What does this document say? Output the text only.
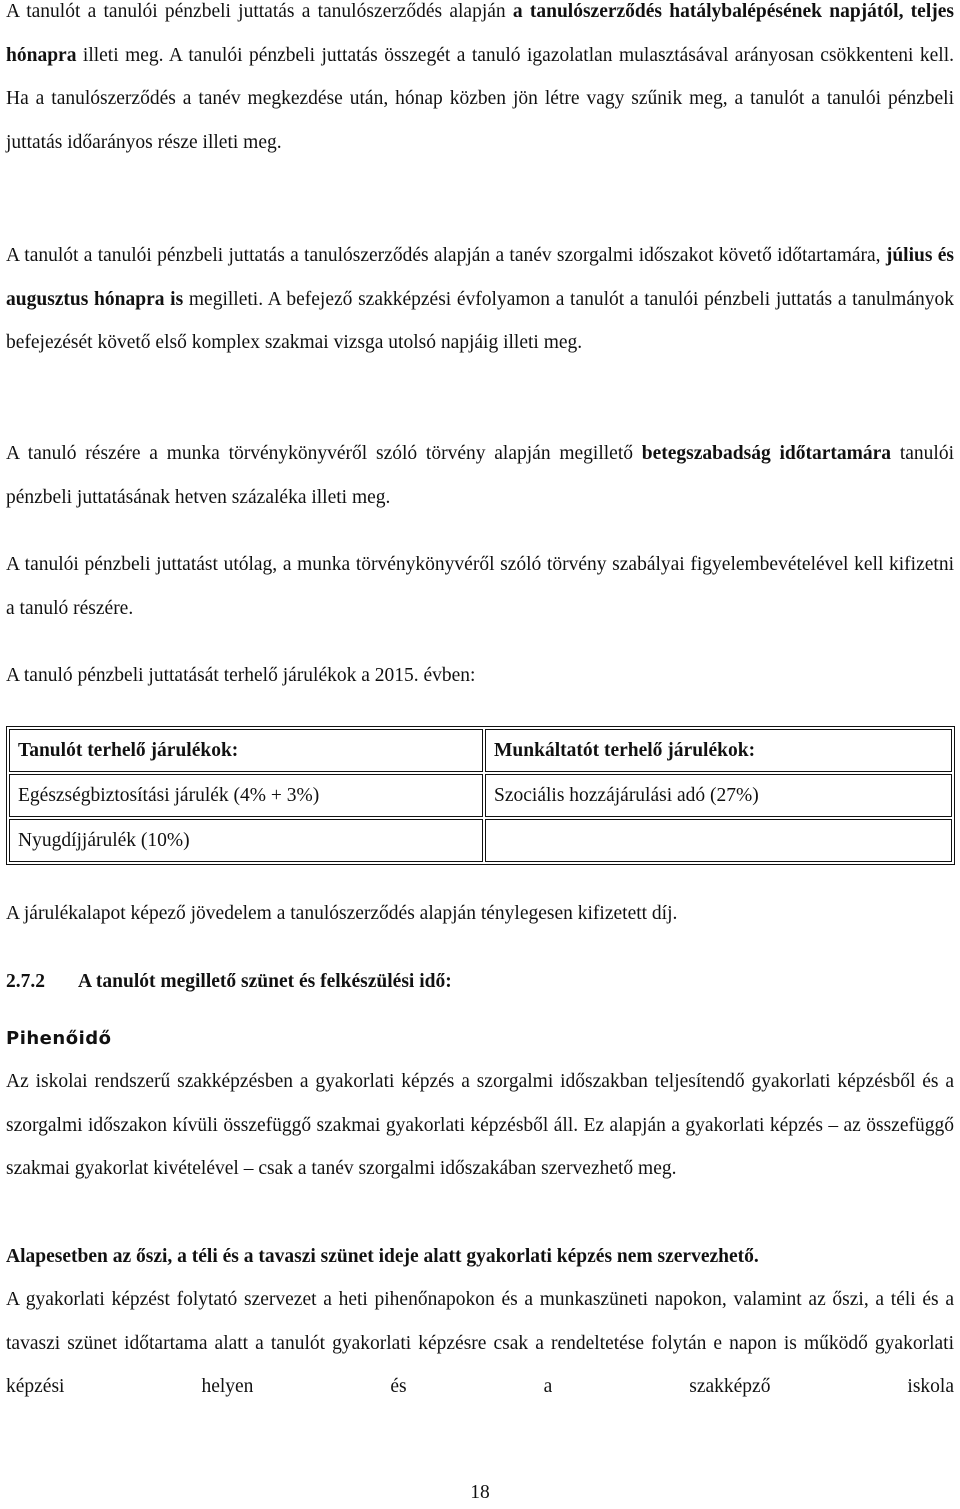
A tanulót a tanulói pénzbeli juttatás a tanulószerződés alapján a tanulószerződés hatálybalépésének napjától, teljes hónapra illeti meg. A tanulói pénzbeli juttatás összegét a tanuló igazolatlan mulasztásával arányosan csökkenteni kell. Ha a tanulószerződés a tanév megkezdése után, hónap közben jön létre vagy szűnik meg, a tanulót a tanulói pénzbeli juttatás időarányos része illeti meg.

A tanulót a tanulói pénzbeli juttatás a tanulószerződés alapján a tanév szorgalmi időszakot követő időtartamára, július és augusztus hónapra is megilleti. A befejező szakképzési évfolyamon a tanulót a tanulói pénzbeli juttatás a tanulmányok befejezését követő első komplex szakmai vizsga utolsó napjáig illeti meg.

A tanuló részére a munka törvénykönyvéről szóló törvény alapján megillető betegszabadság időtartamára tanulói pénzbeli juttatásának hetven százaléka illeti meg.

A tanulói pénzbeli juttatást utólag, a munka törvénykönyvéről szóló törvény szabályai figyelembevételével kell kifizetni a tanuló részére.

A tanuló pénzbeli juttatását terhelő járulékok a 2015. évben:

Tanulót terhelő járulékok:	Munkáltatót terhelő járulékok:
Egészségbiztosítási járulék (4% + 3%)	Szociális hozzájárulási adó (27%)
Nyugdíjjárulék (10%)	

A járulékalapot képező jövedelem a tanulószerződés alapján ténylegesen kifizetett díj.

2.7.2 A tanulót megillető szünet és felkészülési idő:
Pihenőidő

Az iskolai rendszerű szakképzésben a gyakorlati képzés a szorgalmi időszakban teljesítendő gyakorlati képzésből és a szorgalmi időszakon kívüli összefüggő szakmai gyakorlati képzésből áll. Ez alapján a gyakorlati képzés – az összefüggő szakmai gyakorlat kivételével – csak a tanév szorgalmi időszakában szervezhető meg.

Alapesetben az őszi, a téli és a tavaszi szünet ideje alatt gyakorlati képzés nem szervezhető.

A gyakorlati képzést folytató szervezet a heti pihenőnapokon és a munkaszüneti napokon, valamint az őszi, a téli és a tavaszi szünet időtartama alatt a tanulót gyakorlati képzésre csak a rendeltetése folytán e napon is működő gyakorlati képzési helyen és a szakképző iskola

18
